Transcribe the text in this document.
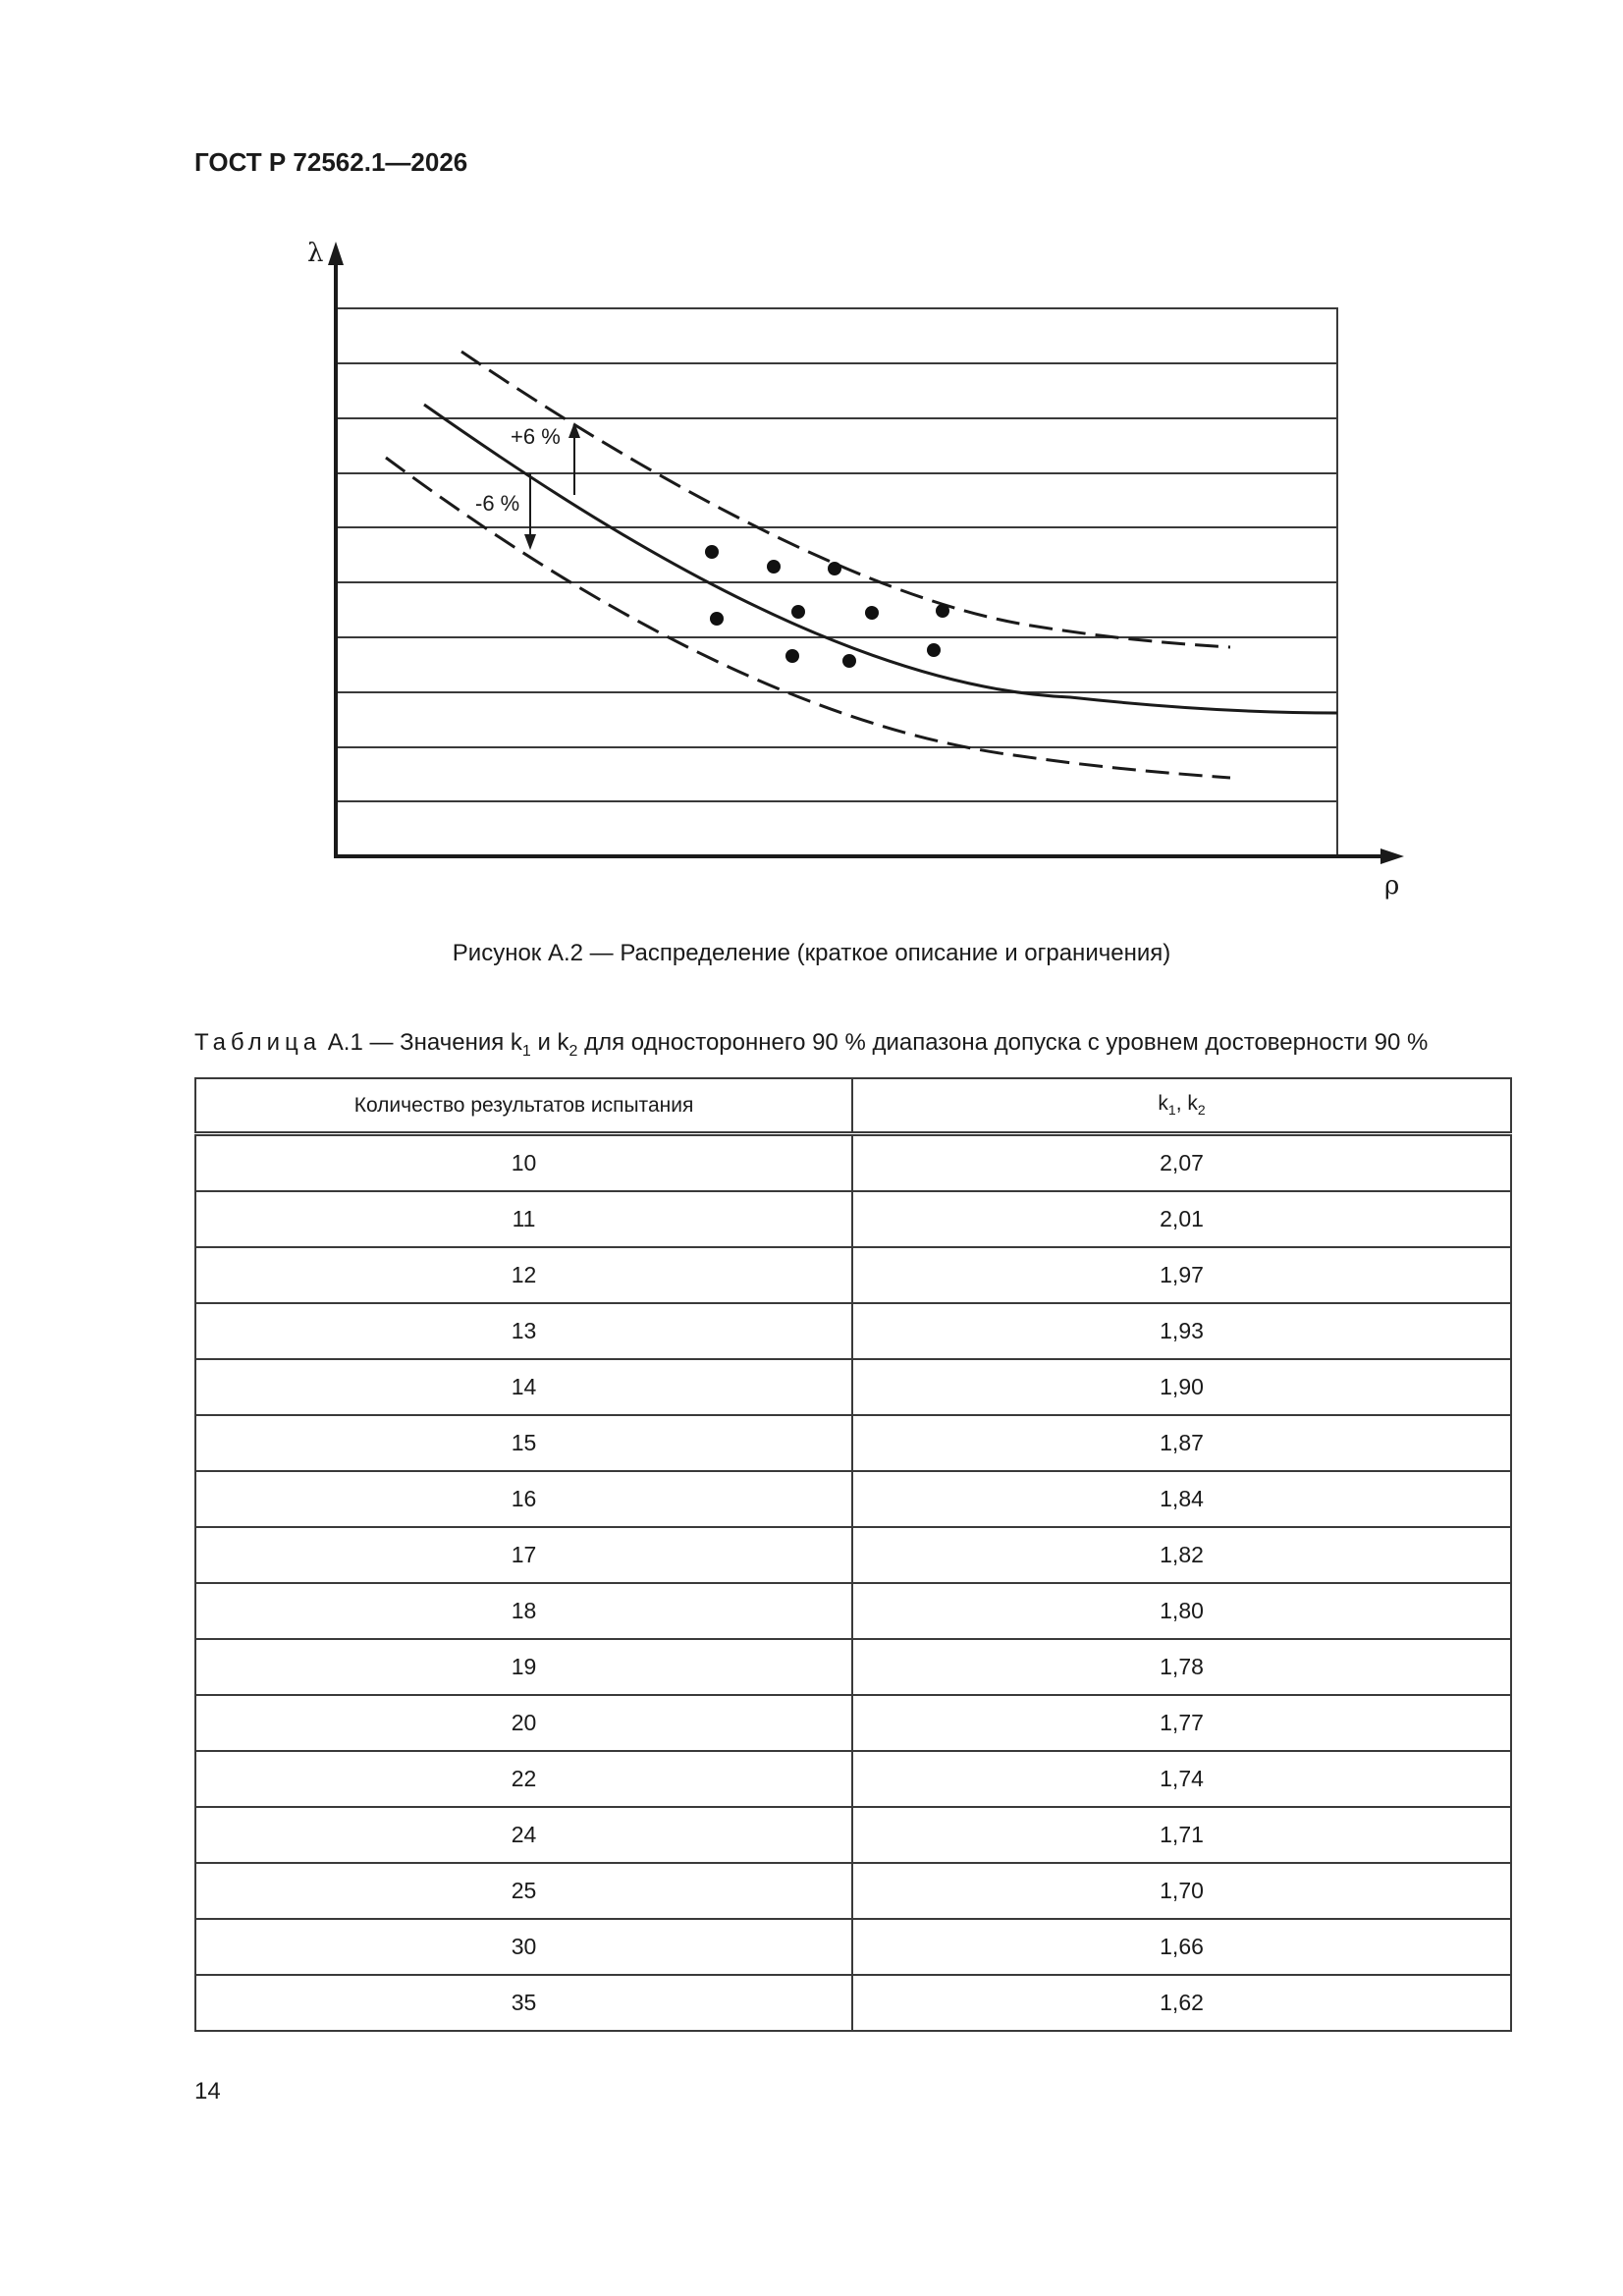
ГОСТ Р 72562.1—2026
λ
ρ
+6 %
-6 %
Рисунок А.2 — Распределение (краткое описание и ограничения)
Таблица А.1 — Значения $k_1$ и $k_2$ для одностороннего 90 % диапазона допуска с уровнем достоверности 90 %
Количество результатов испытания	$k_1$, $k_2$
10	2,07
11	2,01
12	1,97
13	1,93
14	1,90
15	1,87
16	1,84
17	1,82
18	1,80
19	1,78
20	1,77
22	1,74
24	1,71
25	1,70
30	1,66
35	1,62
14
